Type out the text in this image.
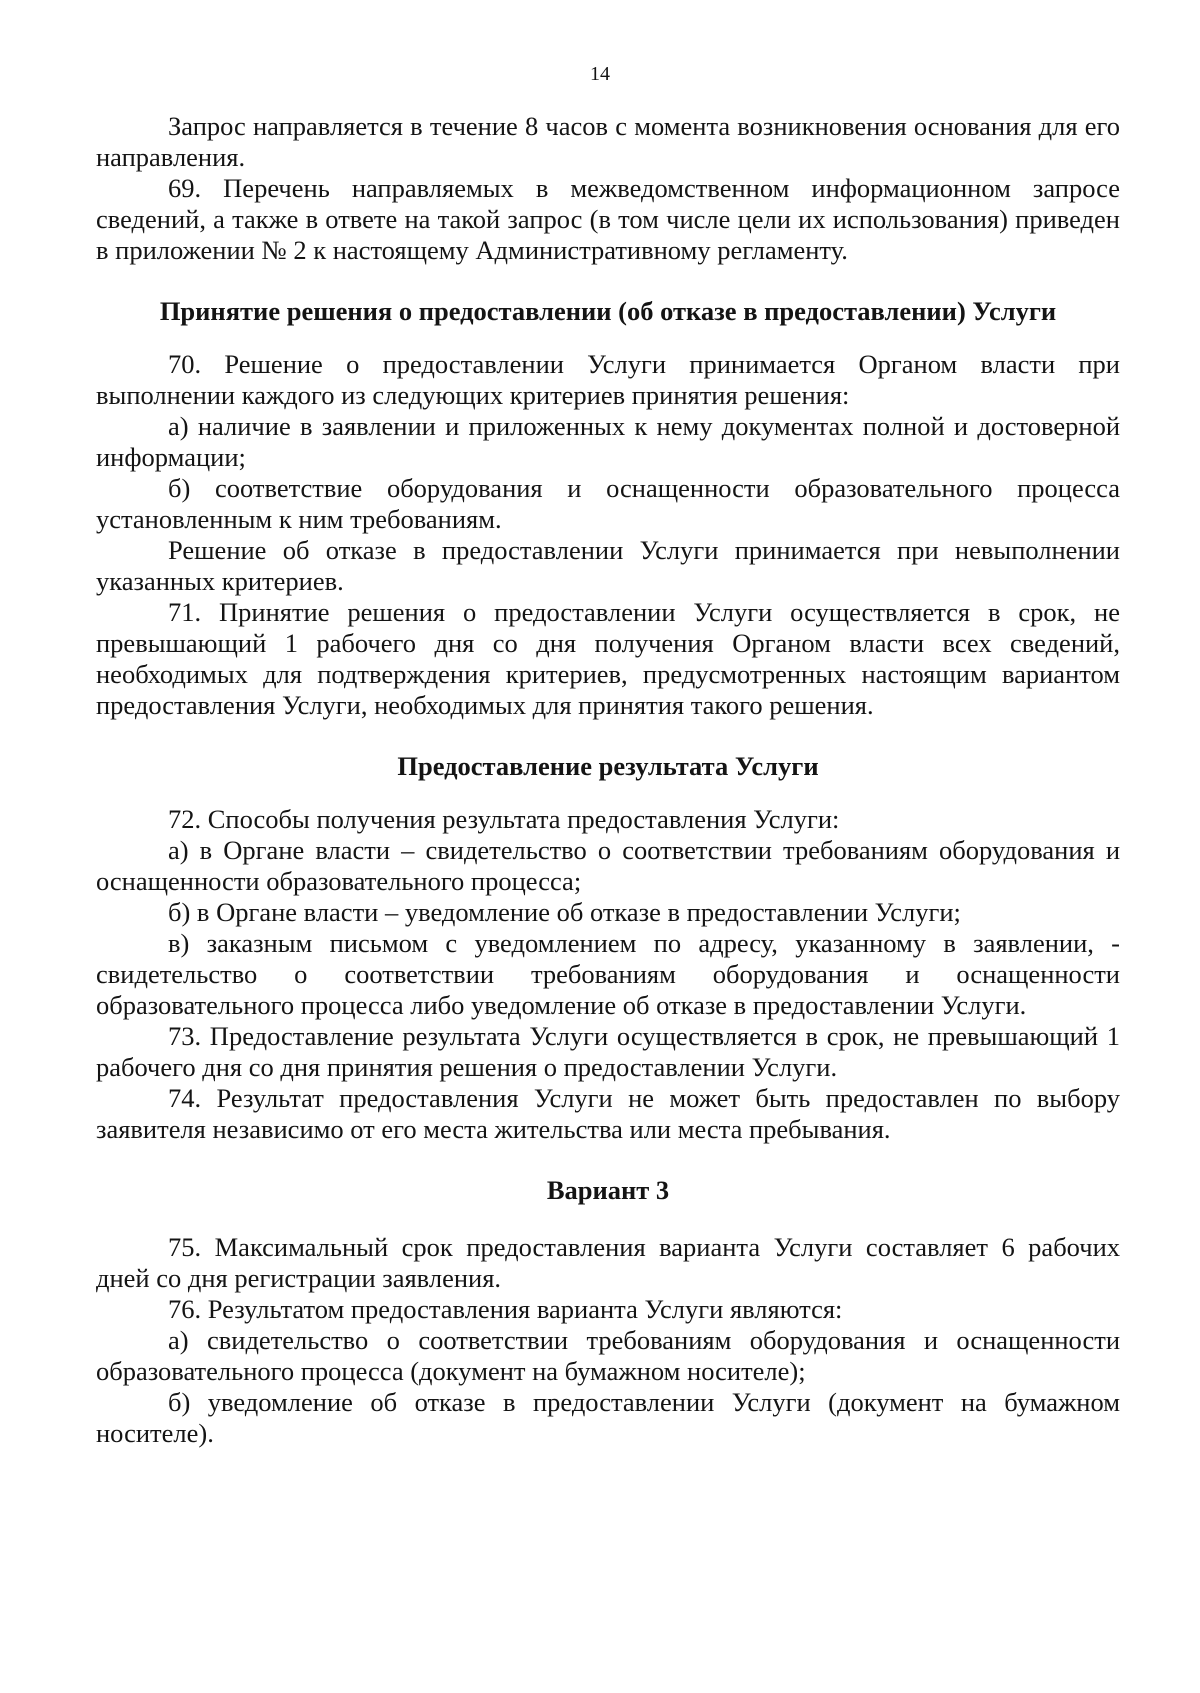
14

Запрос направляется в течение 8 часов с момента возникновения основания для его направления.

69. Перечень направляемых в межведомственном информационном запросе сведений, а также в ответе на такой запрос (в том числе цели их использования) приведен в приложении № 2 к настоящему Административному регламенту.

Принятие решения о предоставлении (об отказе в предоставлении) Услуги

70. Решение о предоставлении Услуги принимается Органом власти при выполнении каждого из следующих критериев принятия решения:

а) наличие в заявлении и приложенных к нему документах полной и достоверной информации;

б) соответствие оборудования и оснащенности образовательного процесса установленным к ним требованиям.

Решение об отказе в предоставлении Услуги принимается при невыполнении указанных критериев.

71. Принятие решения о предоставлении Услуги осуществляется в срок, не превышающий 1 рабочего дня со дня получения Органом власти всех сведений, необходимых для подтверждения критериев, предусмотренных настоящим вариантом предоставления Услуги, необходимых для принятия такого решения.

Предоставление результата Услуги

72. Способы получения результата предоставления Услуги:

а) в Органе власти – свидетельство о соответствии требованиям оборудования и оснащенности образовательного процесса;

б) в Органе власти – уведомление об отказе в предоставлении Услуги;

в) заказным письмом с уведомлением по адресу, указанному в заявлении, - свидетельство о соответствии требованиям оборудования и оснащенности образовательного процесса либо уведомление об отказе в предоставлении Услуги.

73. Предоставление результата Услуги осуществляется в срок, не превышающий 1 рабочего дня со дня принятия решения о предоставлении Услуги.

74. Результат предоставления Услуги не может быть предоставлен по выбору заявителя независимо от его места жительства или места пребывания.

Вариант 3

75. Максимальный срок предоставления варианта Услуги составляет 6 рабочих дней со дня регистрации заявления.

76. Результатом предоставления варианта Услуги являются:

а) свидетельство о соответствии требованиям оборудования и оснащенности образовательного процесса (документ на бумажном носителе);

б) уведомление об отказе в предоставлении Услуги (документ на бумажном носителе).
